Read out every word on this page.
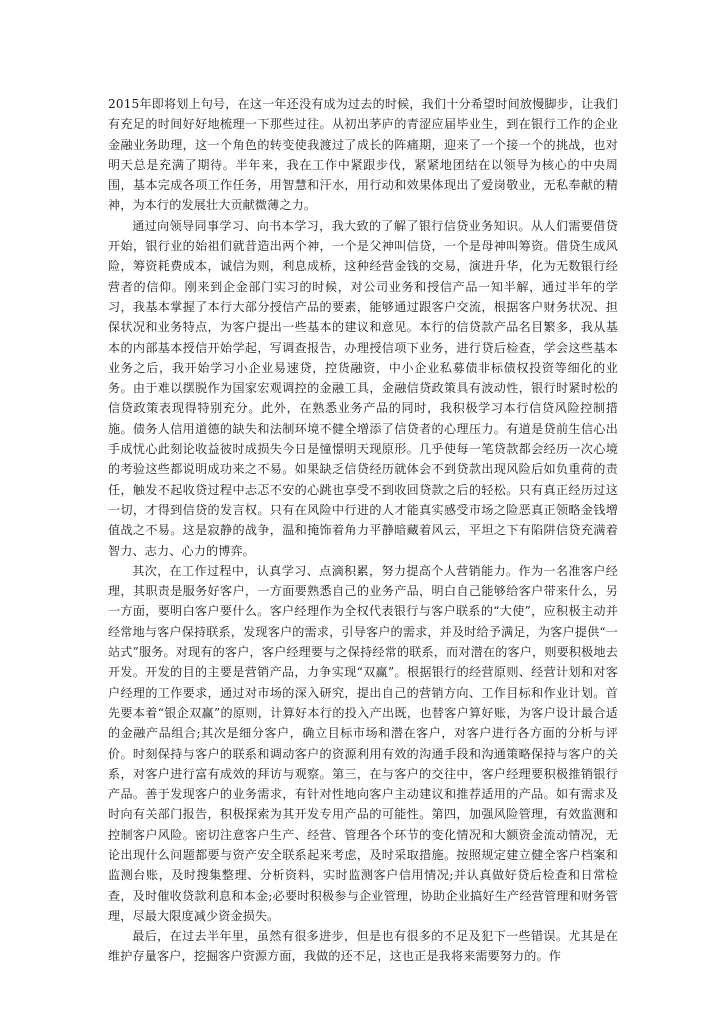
2015年即将划上句号，在这一年还没有成为过去的时候，我们十分希望时间放慢脚步，让我们有充足的时间好好地梳理一下那些过往。从初出茅庐的青涩应届毕业生，到在银行工作的企业金融业务助理，这一个角色的转变使我渡过了成长的阵痛期，迎来了一个接一个的挑战，也对明天总是充满了期待。半年来，我在工作中紧跟步伐，紧紧地团结在以领导为核心的中央周围，基本完成各项工作任务，用智慧和汗水，用行动和效果体现出了爱岗敬业，无私奉献的精神，为本行的发展壮大贡献微薄之力。

通过向领导同事学习、向书本学习，我大致的了解了银行信贷业务知识。从人们需要借贷开始，银行业的始祖们就昔造出两个神，一个是父神叫信贷，一个是母神叫筹资。借贷生成风险，筹资耗费成本，诚信为则，利息成桥，这种经营金钱的交易，演进升华，化为无数银行经营者的信仰。刚来到企金部门实习的时候，对公司业务和授信产品一知半解，通过半年的学习，我基本掌握了本行大部分授信产品的要素，能够通过跟客户交流，根据客户财务状况、担保状况和业务特点，为客户提出一些基本的建议和意见。本行的信贷款产品名目繁多，我从基本的内部基本授信开始学起，写调查报告，办理授信项下业务，进行贷后检查，学会这些基本业务之后，我开始学习小企业易速贷，控货融资，中小企业私募债非标债权投资等细化的业务。由于难以摆脱作为国家宏观调控的金融工具，金融信贷政策具有波动性，银行时紧时松的信贷政策表现得特别充分。此外，在熟悉业务产品的同时，我积极学习本行信贷风险控制措施。债务人信用道德的缺失和法制环境不健全增添了信贷者的心理压力。有道是贷前生信心出手成忧心此刻论收益彼时成损失今日是憧憬明天现原形。几乎使每一笔贷款都会经历一次心境的考验这些都说明成功来之不易。如果缺乏信贷经历就体会不到贷款出现风险后如负重荷的责任，触发不起收贷过程中忐忑不安的心跳也享受不到收回贷款之后的轻松。只有真正经历过这一切，才得到信贷的发言权。只有在风险中行进的人才能真实感受市场之险恶真正领略金钱增值战之不易。这是寂静的战争，温和掩饰着角力平静暗藏着风云，平坦之下有陷阱信贷充满着智力、志力、心力的博弈。

其次，在工作过程中，认真学习、点滴积累，努力提高个人营销能力。作为一名准客户经理，其职责是服务好客户，一方面要熟悉自己的业务产品，明白自己能够给客户带来什么，另一方面，要明白客户要什么。客户经理作为全权代表银行与客户联系的“大使”，应积极主动并经常地与客户保持联系，发现客户的需求，引导客户的需求，并及时给予满足，为客户提供“一站式”服务。对现有的客户，客户经理要与之保持经常的联系，而对潜在的客户，则要积极地去开发。开发的目的主要是营销产品，力争实现“双赢”。根据银行的经营原则、经营计划和对客户经理的工作要求，通过对市场的深入研究，提出自己的营销方向、工作目标和作业计划。首先要本着“银企双赢”的原则，计算好本行的投入产出既，也替客户算好账，为客户设计最合适的金融产品组合;其次是细分客户，确立目标市场和潜在客户，对客户进行各方面的分析与评价。时刻保持与客户的联系和调动客户的资源利用有效的沟通手段和沟通策略保持与客户的关系，对客户进行富有成效的拜访与观察。第三，在与客户的交往中，客户经理要积极推销银行产品。善于发现客户的业务需求，有针对性地向客户主动建议和推荐适用的产品。如有需求及时向有关部门报告，积极探索为其开发专用产品的可能性。第四，加强风险管理，有效监测和控制客户风险。密切注意客户生产、经营、管理各个环节的变化情况和大额资金流动情况，无论出现什么问题都要与资产安全联系起来考虑，及时采取措施。按照规定建立健全客户档案和监测台账，及时搜集整理、分析资料，实时监测客户信用情况;并认真做好贷后检查和日常检查，及时催收贷款利息和本金;必要时积极参与企业管理，协助企业搞好生产经营管理和财务管理，尽最大限度减少资金损失。

最后，在过去半年里，虽然有很多进步，但是也有很多的不足及犯下一些错误。尤其是在维护存量客户，挖掘客户资源方面，我做的还不足，这也正是我将来需要努力的。作
